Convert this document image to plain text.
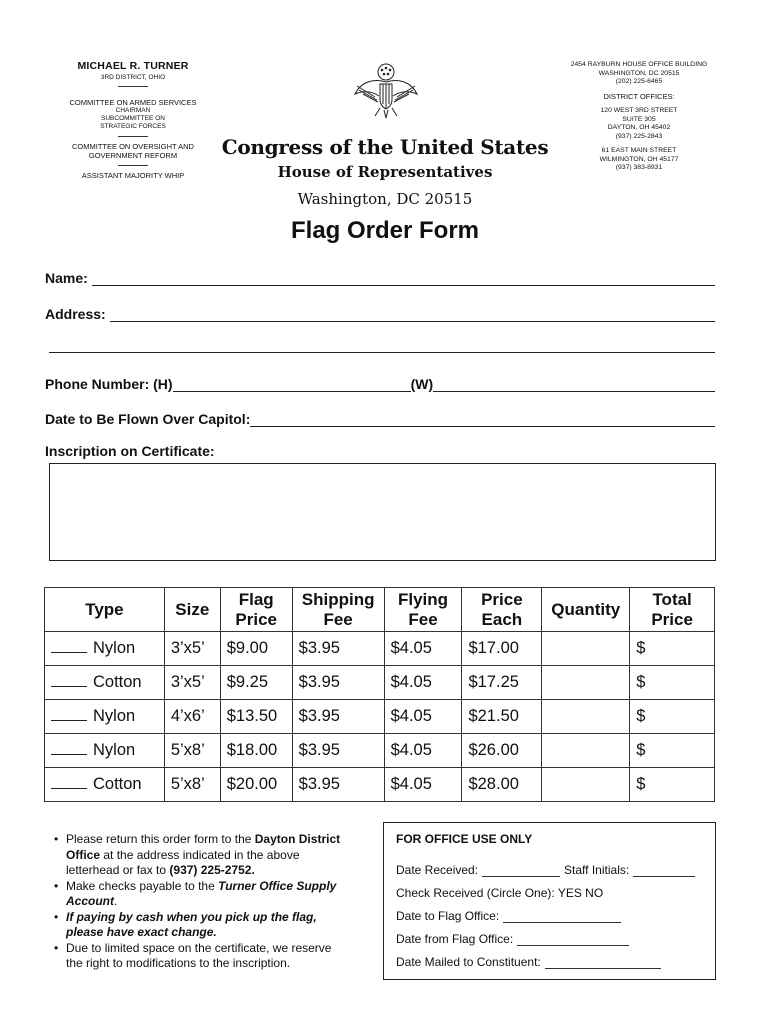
MICHAEL R. TURNER
3RD DISTRICT, OHIO
COMMITTEE ON ARMED SERVICES
CHAIRMAN
SUBCOMMITTEE ON
STRATEGIC FORCES
COMMITTEE ON OVERSIGHT AND
GOVERNMENT REFORM
ASSISTANT MAJORITY WHIP
2454 RAYBURN HOUSE OFFICE BUILDING
WASHINGTON, DC 20515
(202) 225-6465
DISTRICT OFFICES:
120 WEST 3RD STREET
SUITE 305
DAYTON, OH 45402
(937) 225-2843
61 EAST MAIN STREET
WILMINGTON, OH 45177
(937) 383-8931
Congress of the United States
House of Representatives
Washington, DC 20515
Flag Order Form
Name:
Address:
Phone Number: (H)	(W)
Date to Be Flown Over Capitol:
Inscription on Certificate:
Type	Size	Flag Price	Shipping Fee	Flying Fee	Price Each	Quantity	Total Price
Nylon	3’x5’	$9.00	$3.95	$4.05	$17.00		$
Cotton	3’x5’	$9.25	$3.95	$4.05	$17.25		$
Nylon	4’x6’	$13.50	$3.95	$4.05	$21.50		$
Nylon	5’x8’	$18.00	$3.95	$4.05	$26.00		$
Cotton	5’x8’	$20.00	$3.95	$4.05	$28.00		$
• Please return this order form to the Dayton District Office at the address indicated in the above letterhead or fax to (937) 225-2752.
• Make checks payable to the Turner Office Supply Account.
• If paying by cash when you pick up the flag, please have exact change.
• Due to limited space on the certificate, we reserve the right to modifications to the inscription.
FOR OFFICE USE ONLY
Date Received:	Staff Initials:
Check Received (Circle One): YES NO
Date to Flag Office:
Date from Flag Office:
Date Mailed to Constituent:
